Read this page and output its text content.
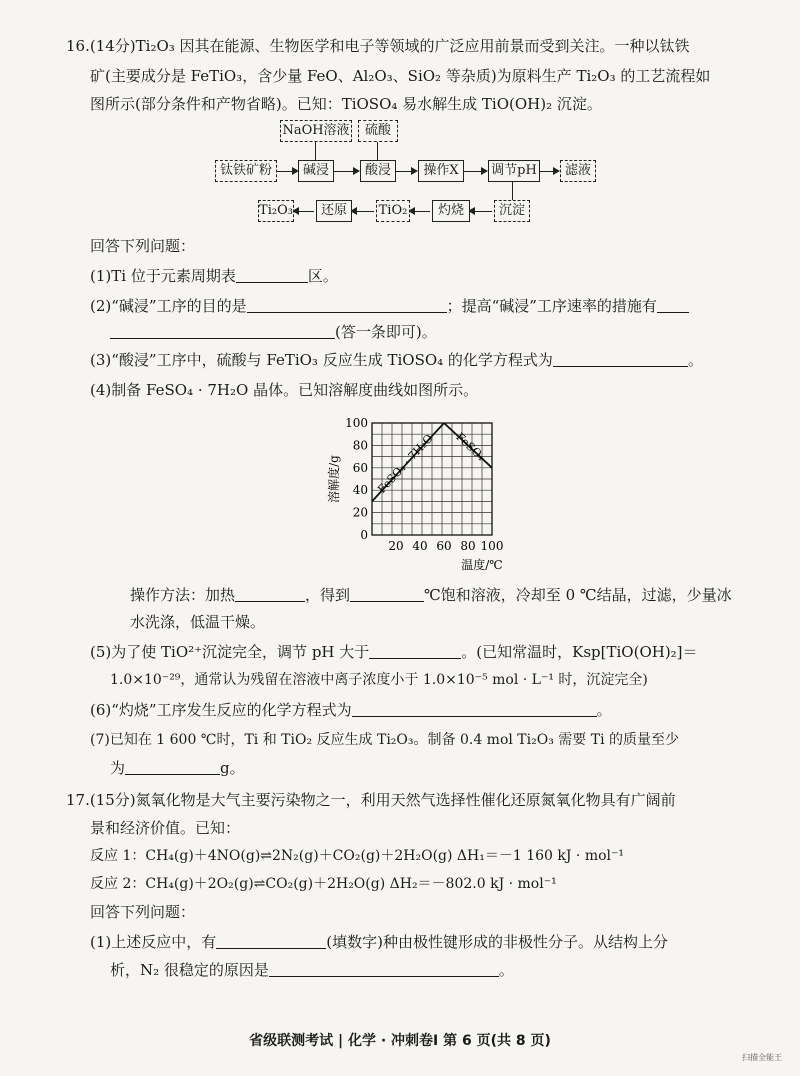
16.(14分)Ti₂O₃ 因其在能源、生物医学和电子等领域的广泛应用前景而受到关注。一种以钛铁
矿(主要成分是 FeTiO₃，含少量 FeO、Al₂O₃、SiO₂ 等杂质)为原料生产 Ti₂O₃ 的工艺流程如
图所示(部分条件和产物省略)。已知：TiOSO₄ 易水解生成 TiO(OH)₂ 沉淀。
NaOH溶液	硫酸
钛铁矿粉	碱浸	酸浸	操作X	调节pH	滤液
沉淀
灼烧
TiO₂
还原
Ti₂O₃
回答下列问题：
(1)Ti 位于元素周期表	区。
(2)“碱浸”工序的目的是	；提高“碱浸”工序速率的措施有
(答一条即可)。
(3)“酸浸”工序中，硫酸与 FeTiO₃ 反应生成 TiOSO₄ 的化学方程式为	。
(4)制备 FeSO₄ · 7H₂O 晶体。已知溶解度曲线如图所示。
0
20
40
60
80
100
20 40 60 80 100
FeSO₄ · 7H₂O FeSO₄
溶解度/g
温度/℃
操作方法：加热	，得到	℃饱和溶液，冷却至 0 ℃结晶，过滤，少量冰
水洗涤，低温干燥。
(5)为了使 TiO²⁺沉淀完全，调节 pH 大于	。(已知常温时，Ksp[TiO(OH)₂]＝
1.0×10⁻²⁹，通常认为残留在溶液中离子浓度小于 1.0×10⁻⁵ mol · L⁻¹ 时，沉淀完全)
(6)“灼烧”工序发生反应的化学方程式为	。
(7)已知在 1 600 ℃时，Ti 和 TiO₂ 反应生成 Ti₂O₃。制备 0.4 mol Ti₂O₃ 需要 Ti 的质量至少
为	g。
17.(15分)氮氧化物是大气主要污染物之一，利用天然气选择性催化还原氮氧化物具有广阔前
景和经济价值。已知：
反应 1：CH₄(g)＋4NO(g)⇌2N₂(g)＋CO₂(g)＋2H₂O(g) ΔH₁＝－1 160 kJ · mol⁻¹
反应 2：CH₄(g)＋2O₂(g)⇌CO₂(g)＋2H₂O(g) ΔH₂＝－802.0 kJ · mol⁻¹
回答下列问题：
(1)上述反应中，有	(填数字)种由极性键形成的非极性分子。从结构上分
析，N₂ 很稳定的原因是	。
省级联测考试 | 化学 · 冲刺卷Ⅰ 第 6 页(共 8 页)
扫描全能王
